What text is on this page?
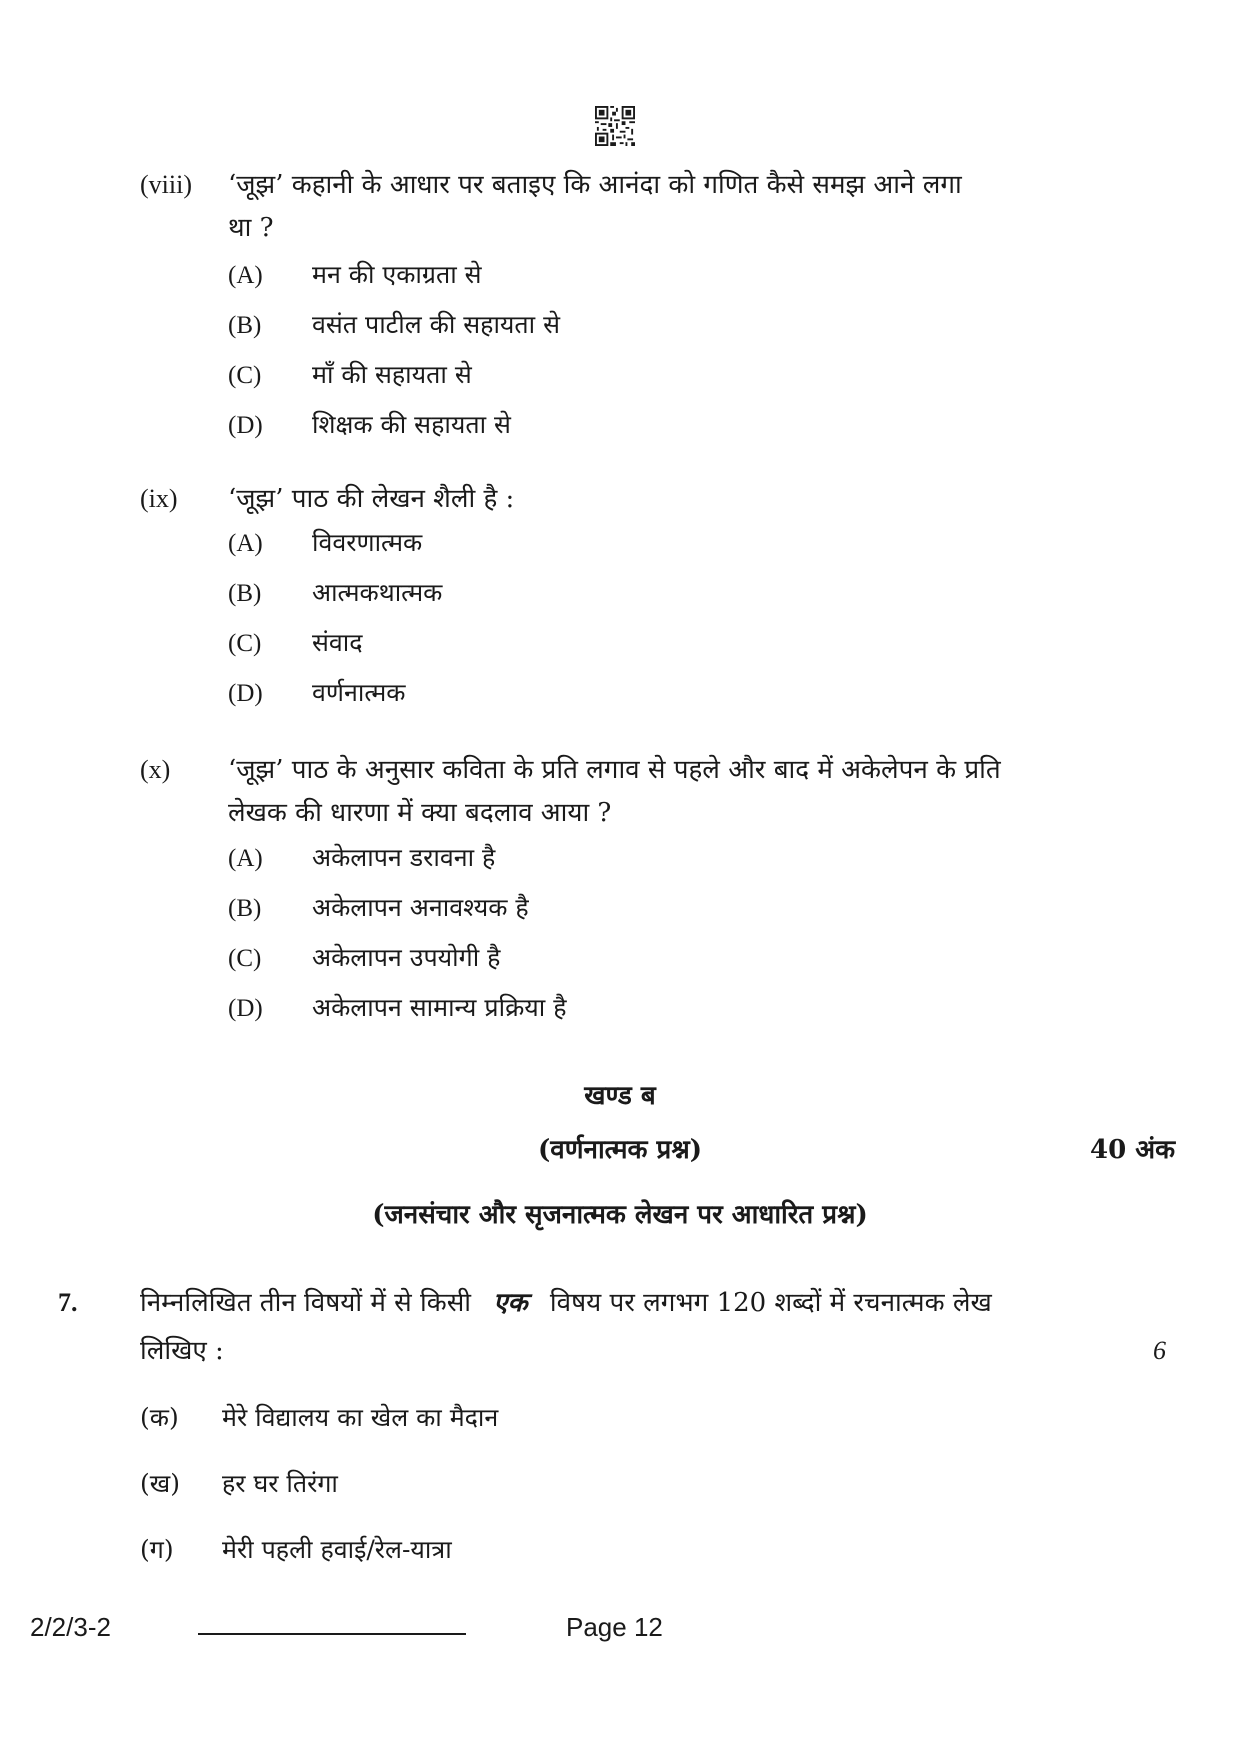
(viii) ‘जूझ’ कहानी के आधार पर बताइए कि आनंदा को गणित कैसे समझ आने लगा
था ?
(A) मन की एकाग्रता से
(B) वसंत पाटील की सहायता से
(C) माँ की सहायता से
(D) शिक्षक की सहायता से
(ix) ‘जूझ’ पाठ की लेखन शैली है :
(A) विवरणात्मक
(B) आत्मकथात्मक
(C) संवाद
(D) वर्णनात्मक
(x) ‘जूझ’ पाठ के अनुसार कविता के प्रति लगाव से पहले और बाद में अकेलेपन के प्रति
लेखक की धारणा में क्या बदलाव आया ?
(A) अकेलापन डरावना है
(B) अकेलापन अनावश्यक है
(C) अकेलापन उपयोगी है
(D) अकेलापन सामान्य प्रक्रिया है
खण्ड ब
(वर्णनात्मक प्रश्न)	40 अंक
(जनसंचार और सृजनात्मक लेखन पर आधारित प्रश्न)
7. निम्नलिखित तीन विषयों में से किसी एक विषय पर लगभग 120 शब्दों में रचनात्मक लेख
लिखिए :	6
(क) मेरे विद्यालय का खेल का मैदान
(ख) हर घर तिरंगा
(ग) मेरी पहली हवाई/रेल-यात्रा
2/2/3-2	Page 12
